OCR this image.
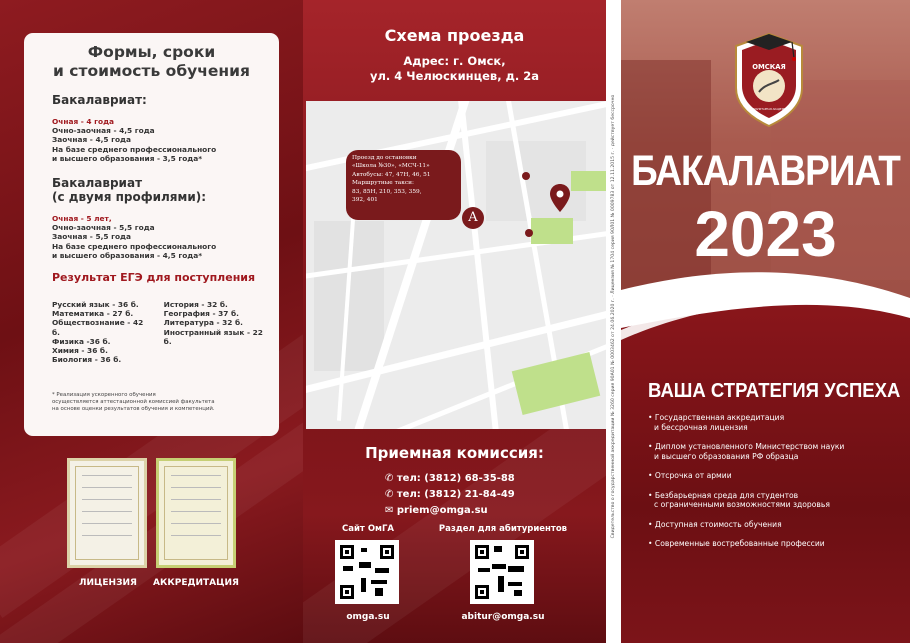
Формы, сроки
и стоимость обучения
Бакалавриат:
Очная - 4 года
Очно-заочная - 4,5 года
Заочная - 4,5 года
На базе среднего профессионального
и высшего образования - 3,5 года*
Бакалавриат
(с двумя профилями):
Очная - 5 лет,
Очно-заочная - 5,5 года
Заочная - 5,5 года
На базе среднего профессионального
и высшего образования - 4,5 года*
Результат ЕГЭ для поступления
Русский язык - 36 б.
Математика - 27 б.
Обществознание - 42 б.
Физика -36 б.
Химия - 36 б.
Биология - 36 б.
История - 32 б.
География - 37 б.
Литература - 32 б.
Иностранный язык - 22 б.
* Реализация ускоренного обучения
осуществляется аттестационной комиссией факультета
на основе оценки результатов обучения и компетенций.
ЛИЦЕНЗИЯ	АККРЕДИТАЦИЯ
Схема проезда
Адрес: г. Омск,
ул. 4 Челюскинцев, д. 2а
Приемная комиссия:
✆ тел: (3812) 68-35-88
✆ тел: (3812) 21-84-49
✉ priem@omga.su
Сайт ОмГА	Раздел для абитуриентов
omga.su	abitur@omga.su
Проезд до остановки
«Школа №30», «МСЧ-11»
Автобусы: 47, 47Н, 46, 51
Маршрутные такси:
83, 85Н, 210, 353, 359,
392, 401
A	Свидетельство о государственной аккредитации № 3260 серия 90А01 № 0003462 от 24.06.2020 г. · Лицензия № 1704 серия 90Л01 № 0009783 от 12.11.2015 г. · действует бессрочно
ОМСКАЯ
ГУМАНИТАРНАЯ АКАДЕМИЯ
БАКАЛАВРИАТ
2023
ВАША СТРАТЕГИЯ УСПЕХА
• Государственная аккредитация
и бессрочная лицензия
• Диплом установленного Министерством науки
и высшего образования РФ образца
• Отсрочка от армии
• Безбарьерная среда для студентов
с ограниченными возможностями здоровья
• Доступная стоимость обучения
• Современные востребованные профессии
